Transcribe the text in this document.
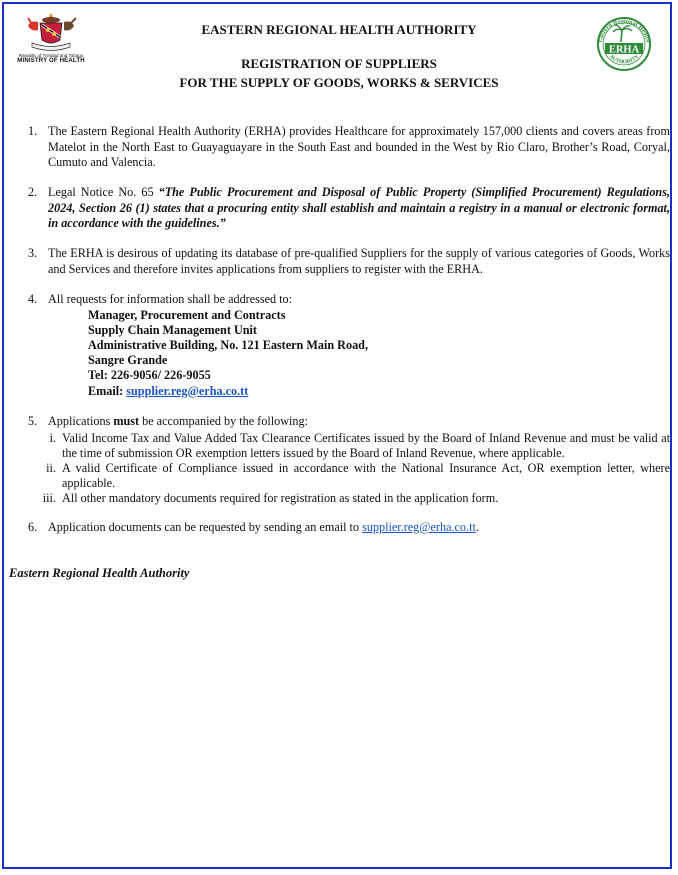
Republic of Trinidad and Tobago
MINISTRY OF HEALTH
Eastern Regional Health
ERHA
AUTHORITY
EASTERN REGIONAL HEALTH AUTHORITY
REGISTRATION OF SUPPLIERS
FOR THE SUPPLY OF GOODS, WORKS & SERVICES
1. The Eastern Regional Health Authority (ERHA) provides Healthcare for approximately 157,000 clients and covers areas from Matelot in the North East to Guayaguayare in the South East and bounded in the West by Rio Claro, Brother’s Road, Coryal, Cumuto and Valencia.
2. Legal Notice No. 65 “The Public Procurement and Disposal of Public Property (Simplified Procurement) Regulations, 2024, Section 26 (1) states that a procuring entity shall establish and maintain a registry in a manual or electronic format, in accordance with the guidelines.”
3. The ERHA is desirous of updating its database of pre-qualified Suppliers for the supply of various categories of Goods, Works and Services and therefore invites applications from suppliers to register with the ERHA.
4. All requests for information shall be addressed to:
Manager, Procurement and Contracts
Supply Chain Management Unit
Administrative Building, No. 121 Eastern Main Road,
Sangre Grande
Tel: 226-9056/ 226-9055
Email: supplier.reg@erha.co.tt
5. Applications must be accompanied by the following:
i. Valid Income Tax and Value Added Tax Clearance Certificates issued by the Board of Inland Revenue and must be valid at the time of submission OR exemption letters issued by the Board of Inland Revenue, where applicable.
ii. A valid Certificate of Compliance issued in accordance with the National Insurance Act, OR exemption letter, where applicable.
iii. All other mandatory documents required for registration as stated in the application form.
6. Application documents can be requested by sending an email to supplier.reg@erha.co.tt.
Eastern Regional Health Authority
